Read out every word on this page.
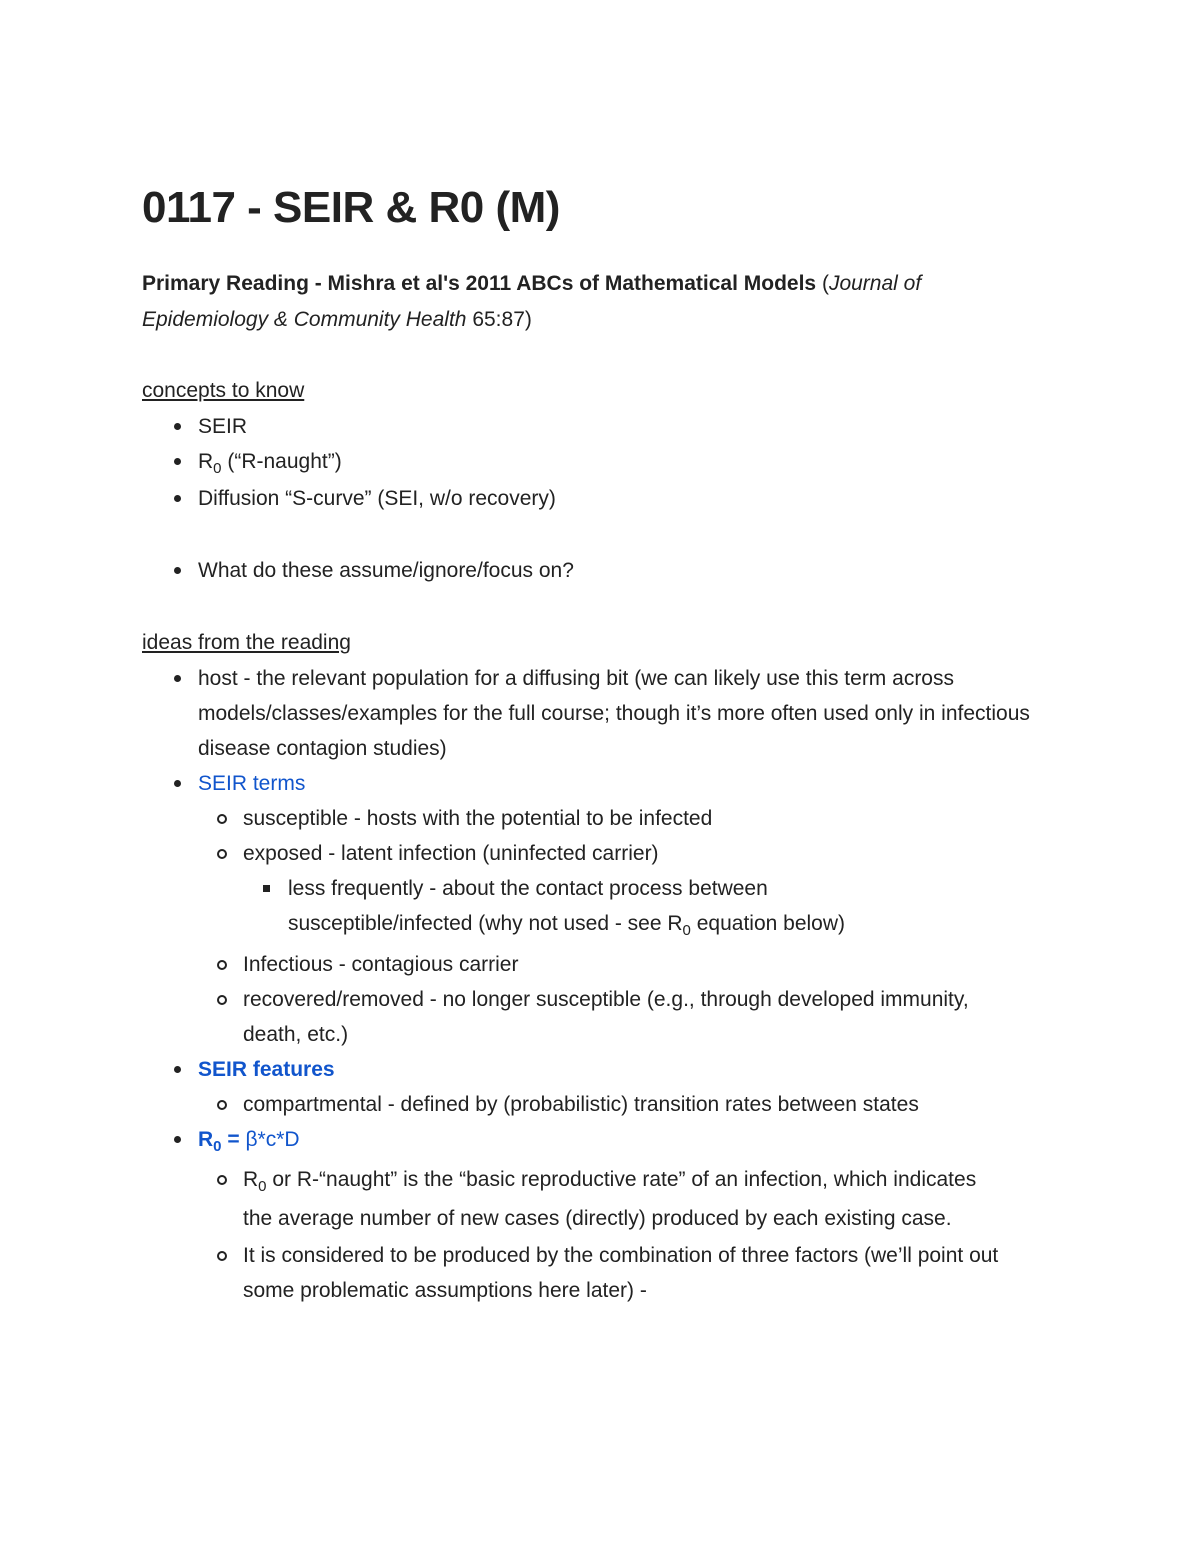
0117 - SEIR & R0 (M)

Primary Reading - Mishra et al's 2011 ABCs of Mathematical Models (Journal of Epidemiology & Community Health 65:87)

concepts to know

SEIR
$R_0$ (“R-naught”)
Diffusion “S-curve” (SEI, w/o recovery)
What do these assume/ignore/focus on?

ideas from the reading

host - the relevant population for a diffusing bit (we can likely use this term across models/classes/examples for the full course; though it’s more often used only in infectious disease contagion studies)
SEIR terms
susceptible - hosts with the potential to be infected
exposed - latent infection (uninfected carrier)
less frequently - about the contact process between susceptible/infected (why not used - see $R_0$ equation below)
Infectious - contagious carrier
recovered/removed - no longer susceptible (e.g., through developed immunity, death, etc.)
SEIR features
compartmental - defined by (probabilistic) transition rates between states
$R_0 = \beta*c*D$
$R_0$ or R-“naught” is the “basic reproductive rate” of an infection, which indicates the average number of new cases (directly) produced by each existing case.
It is considered to be produced by the combination of three factors (we’ll point out some problematic assumptions here later) -
